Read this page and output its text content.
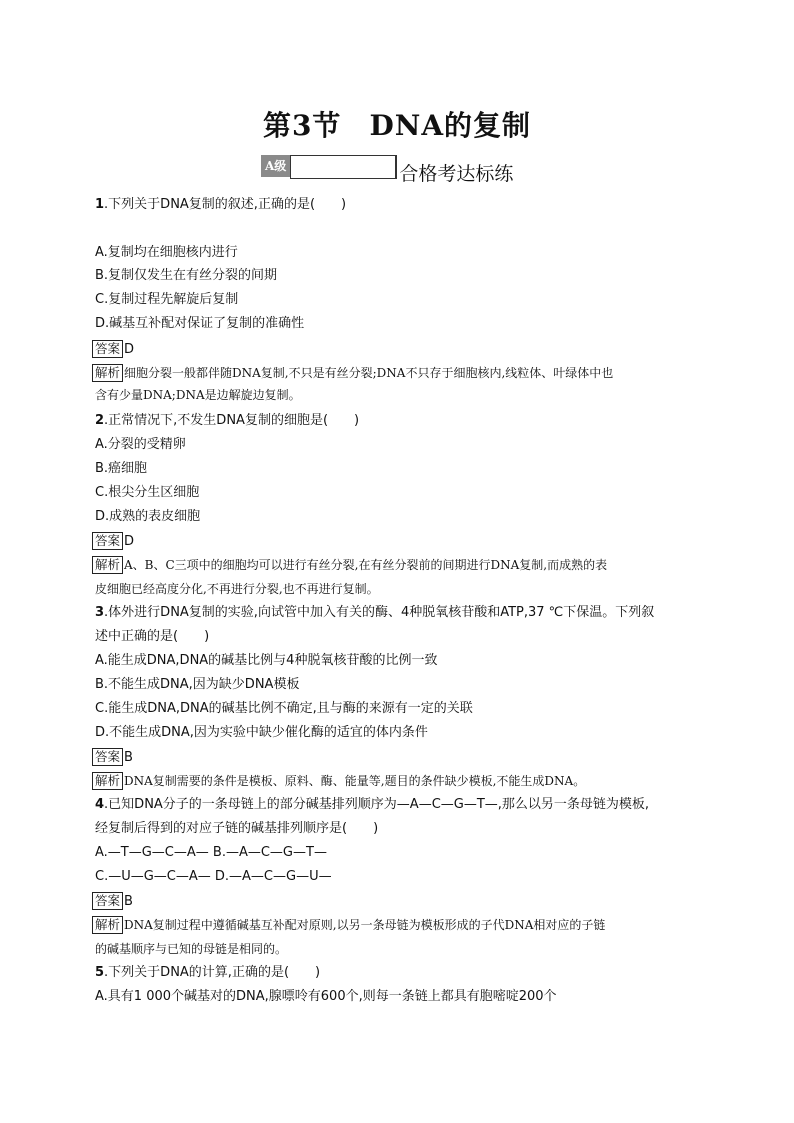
第3节 DNA的复制
A级	合格考达标练
1.下列关于DNA复制的叙述,正确的是(　　)
A.复制均在细胞核内进行
B.复制仅发生在有丝分裂的间期
C.复制过程先解旋后复制
D.碱基互补配对保证了复制的准确性
答案 D
解析 细胞分裂一般都伴随DNA复制,不只是有丝分裂;DNA不只存于细胞核内,线粒体、叶绿体中也
含有少量DNA;DNA是边解旋边复制。
2.正常情况下,不发生DNA复制的细胞是(　　)
A.分裂的受精卵
B.癌细胞
C.根尖分生区细胞
D.成熟的表皮细胞
答案 D
解析 A、B、C三项中的细胞均可以进行有丝分裂,在有丝分裂前的间期进行DNA复制,而成熟的表
皮细胞已经高度分化,不再进行分裂,也不再进行复制。
3.体外进行DNA复制的实验,向试管中加入有关的酶、4种脱氧核苷酸和ATP,37 ℃下保温。下列叙
述中正确的是(　　)
A.能生成DNA,DNA的碱基比例与4种脱氧核苷酸的比例一致
B.不能生成DNA,因为缺少DNA模板
C.能生成DNA,DNA的碱基比例不确定,且与酶的来源有一定的关联
D.不能生成DNA,因为实验中缺少催化酶的适宜的体内条件
答案 B
解析 DNA复制需要的条件是模板、原料、酶、能量等,题目的条件缺少模板,不能生成DNA。
4.已知DNA分子的一条母链上的部分碱基排列顺序为—A—C—G—T—,那么以另一条母链为模板,
经复制后得到的对应子链的碱基排列顺序是(　　)
A.—T—G—C—A— B.—A—C—G—T—
C.—U—G—C—A— D.—A—C—G—U—
答案 B
解析 DNA复制过程中遵循碱基互补配对原则,以另一条母链为模板形成的子代DNA相对应的子链
的碱基顺序与已知的母链是相同的。
5.下列关于DNA的计算,正确的是(　　)
A.具有1 000个碱基对的DNA,腺嘌呤有600个,则每一条链上都具有胞嘧啶200个
